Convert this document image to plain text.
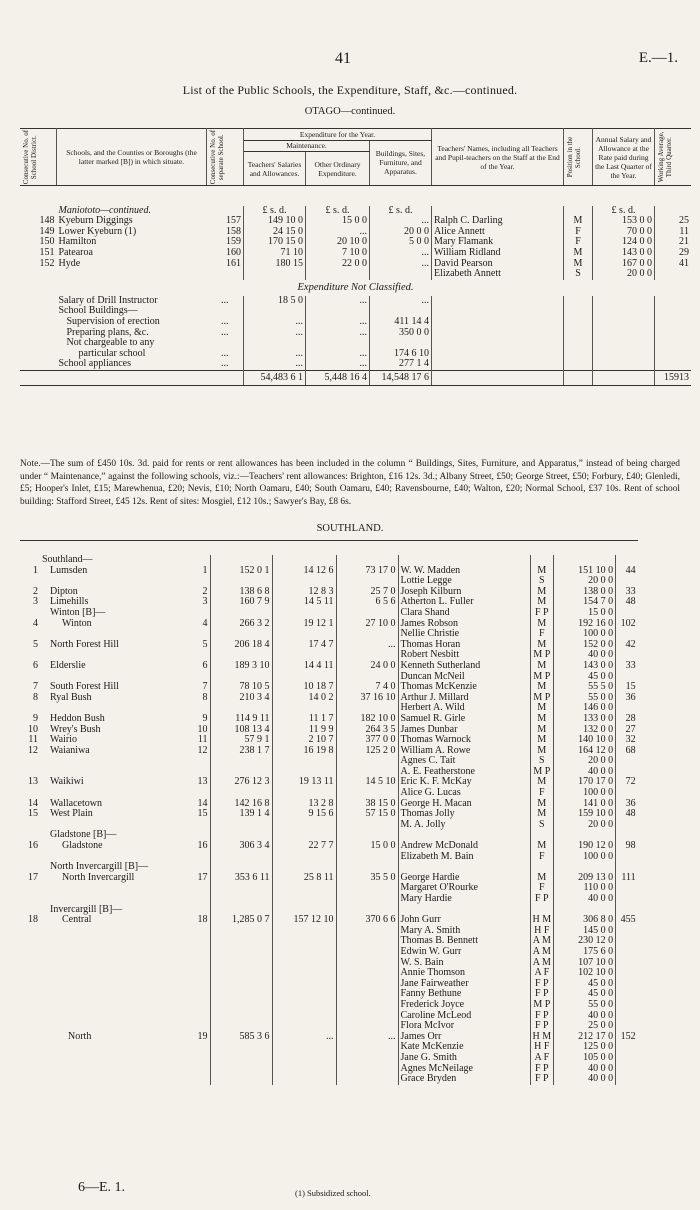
41	E.—1.
List of the Public Schools, the Expenditure, Staff, &c.—continued.
OTAGO—continued.
Consecutive No. of School District.	Schools, and the Counties or Boroughs (the latter marked [B]) in which situate.	Consecutive No. of separate School.	Expenditure for the Year.			Teachers' Names, including all Teachers and Pupil-teachers on the Staff at the End of the Year.	Position in the School.	Annual Salary and Allowance at the Rate paid during the Last Quarter of the Year.	Working Average, Third Quarter.

			Maintenance.		Buildings, Sites, Furniture, and Apparatus.				
			Teachers' Salaries and Allowances.	Other Ordinary Expenditure.					

	Maniototo—continued.		£ s. d.	£ s. d.	£ s. d.			£ s. d.	
148	Kyeburn Diggings	157	149 10 0	15 0 0	...	Ralph C. Darling	M	153 0 0	25
149	Lower Kyeburn (1)	158	24 15 0	...	20 0 0	Alice Annett	F	70 0 0	11
150	Hamilton	159	170 15 0	20 10 0	5 0 0	Mary Flamank	F	124 0 0	21
151	Patearoa	160	71 10	7 10 0	...	William Ridland	M	143 0 0	29
152	Hyde	161	180 15	22 0 0	...	David Pearson	M	167 0 0	41
						Elizabeth Annett	S	20 0 0	
Expenditure Not Classified.									
	Salary of Drill Instructor	...	18 5 0	...	...				
	School Buildings—								
	Supervision of erection	...	...	...	411 14 4				
	Preparing plans, &c.	...	...	...	350 0 0				
	Not chargeable to any								
	particular school	...	...	...	174 6 10				
	School appliances	...	...	...	277 1 4				
			54,483 6 1	5,448 16 4	14,548 17 6				15913
Note.—The sum of £450 10s. 3d. paid for rents or rent allowances has been included in the column “ Buildings, Sites, Furniture, and Apparatus,” instead of being charged under “ Maintenance,” against the following schools, viz.:—Teachers' rent allowances: Brighton, £16 12s. 3d.; Albany Street, £50; George Street, £50; Forbury, £40; Glenledi, £5; Hooper's Inlet, £15; Marewhenua, £20; Nevis, £10; North Oamaru, £40; South Oamaru, £40; Ravensbourne, £40; Walton, £20; Normal School, £37 10s. Rent of school building: Stafford Street, £45 12s. Rent of sites: Mosgiel, £12 10s.; Sawyer's Bay, £8 6s.
SOUTHLAND.

	Southland—								
1	Lumsden	1	152 0 1	14 12 6	73 17 0	W. W. Madden	M	151 10 0	44
						Lottie Legge	S	20 0 0	
2	Dipton	2	138 6 8	12 8 3	25 7 0	Joseph Kilburn	M	138 0 0	33
3	Limehills	3	160 7 9	14 5 11	6 5 6	Atherton L. Fuller	M	154 7 0	48
	Winton [B]—					Clara Shand	F P	15 0 0	
4	Winton	4	266 3 2	19 12 1	27 10 0	James Robson	M	192 16 0	102
						Nellie Christie	F	100 0 0	
5	North Forest Hill	5	206 18 4	17 4 7	...	Thomas Horan	M	152 0 0	42
						Robert Nesbitt	M P	40 0 0	
6	Elderslie	6	189 3 10	14 4 11	24 0 0	Kenneth Sutherland	M	143 0 0	33
						Duncan McNeil	M P	45 0 0	
7	South Forest Hill	7	78 10 5	10 18 7	7 4 0	Thomas McKenzie	M	55 5 0	15
8	Ryal Bush	8	210 3 4	14 0 2	37 16 10	Arthur J. Millard	M P	55 0 0	36
						Herbert A. Wild	M	146 0 0	
9	Heddon Bush	9	114 9 11	11 1 7	182 10 0	Samuel R. Girle	M	133 0 0	28
10	Wrey's Bush	10	108 13 4	11 9 9	264 3 5	James Dunbar	M	132 0 0	27
11	Wairio	11	57 9 1	2 10 7	377 0 0	Thomas Warnock	M	140 10 0	32
12	Waianiwa	12	238 1 7	16 19 8	125 2 0	William A. Rowe	M	164 12 0	68
						Agnes C. Tait	S	20 0 0	
						A. E. Featherstone	M P	40 0 0	
13	Waikiwi	13	276 12 3	19 13 11	14 5 10	Eric K. F. McKay	M	170 17 0	72
						Alice G. Lucas	F	100 0 0	
14	Wallacetown	14	142 16 8	13 2 8	38 15 0	George H. Macan	M	141 0 0	36
15	West Plain	15	139 1 4	9 15 6	57 15 0	Thomas Jolly	M	159 10 0	48
						M. A. Jolly	S	20 0 0	
	Gladstone [B]—								
16	Gladstone	16	306 3 4	22 7 7	15 0 0	Andrew McDonald	M	190 12 0	98
						Elizabeth M. Bain	F	100 0 0	
	North Invercargill [B]—								
17	North Invercargill	17	353 6 11	25 8 11	35 5 0	George Hardie	M	209 13 0	111
						Margaret O'Rourke	F	110 0 0	
						Mary Hardie	F P	40 0 0	
	Invercargill [B]—								
18	Central	18	1,285 0 7	157 12 10	370 6 6	John Gurr	H M	306 8 0	455
						Mary A. Smith	H F	145 0 0	
						Thomas B. Bennett	A M	230 12 0	
						Edwin W. Gurr	A M	175 6 0	
						W. S. Bain	A M	107 10 0	
						Annie Thomson	A F	102 10 0	
						Jane Fairweather	F P	45 0 0	
						Fanny Bethune	F P	45 0 0	
						Frederick Joyce	M P	55 0 0	
						Caroline McLeod	F P	40 0 0	
						Flora McIvor	F P	25 0 0	
	North	19	585 3 6	...	...	James Orr	H M	212 17 0	152
						Kate McKenzie	H F	125 0 0	
						Jane G. Smith	A F	105 0 0	
						Agnes McNeilage	F P	40 0 0	
						Grace Bryden	F P	40 0 0	
6—E. 1.	(1) Subsidized school.
